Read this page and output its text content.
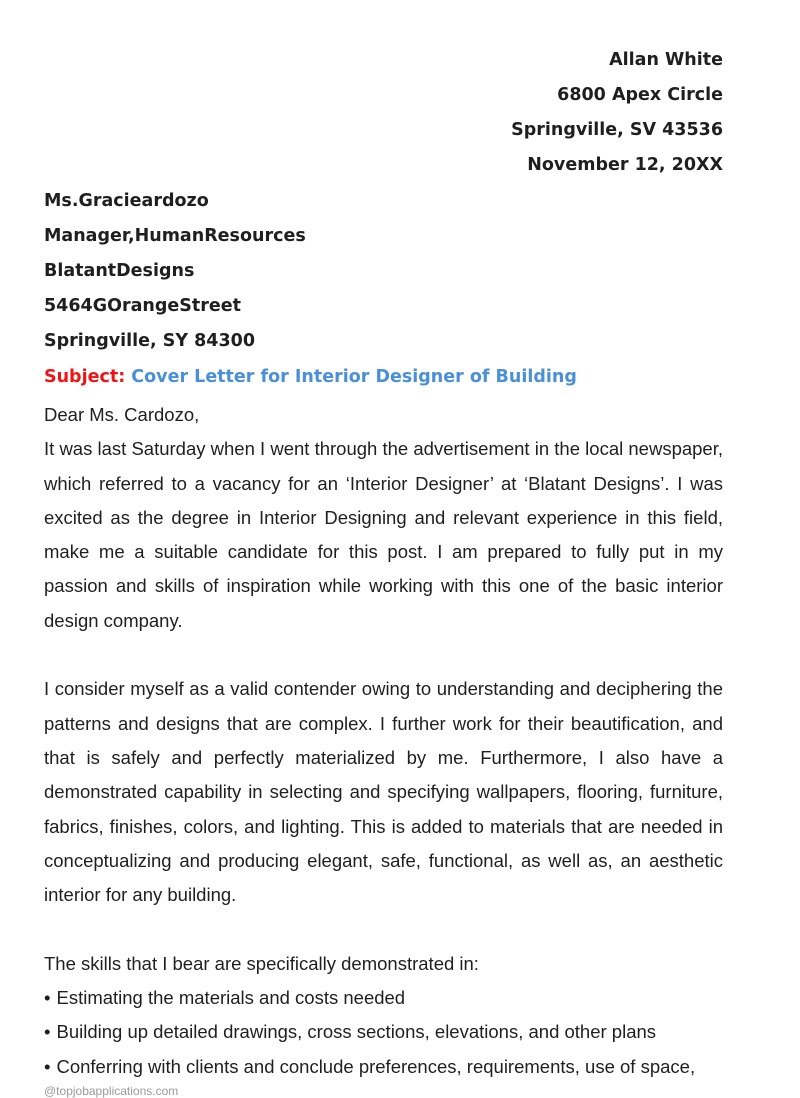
Allan White
6800 Apex Circle
Springville, SV 43536
November 12, 20XX
Ms.Gracieardozo
Manager,HumanResources
BlatantDesigns
5464GOrangeStreet
Springville, SY 84300
Subject: Cover Letter for Interior Designer of Building
Dear Ms. Cardozo,

It was last Saturday when I went through the advertisement in the local newspaper, which referred to a vacancy for an ‘Interior Designer’ at ‘Blatant Designs’. I was excited as the degree in Interior Designing and relevant experience in this field, make me a suitable candidate for this post. I am prepared to fully put in my passion and skills of inspiration while working with this one of the basic interior design company.

I consider myself as a valid contender owing to understanding and deciphering the patterns and designs that are complex. I further work for their beautification, and that is safely and perfectly materialized by me. Furthermore, I also have a demonstrated capability in selecting and specifying wallpapers, flooring, furniture, fabrics, finishes, colors, and lighting. This is added to materials that are needed in conceptualizing and producing elegant, safe, functional, as well as, an aesthetic interior for any building.

The skills that I bear are specifically demonstrated in:
• Estimating the materials and costs needed
• Building up detailed drawings, cross sections, elevations, and other plans
• Conferring with clients and conclude preferences, requirements, use of space,
@topjobapplications.com
